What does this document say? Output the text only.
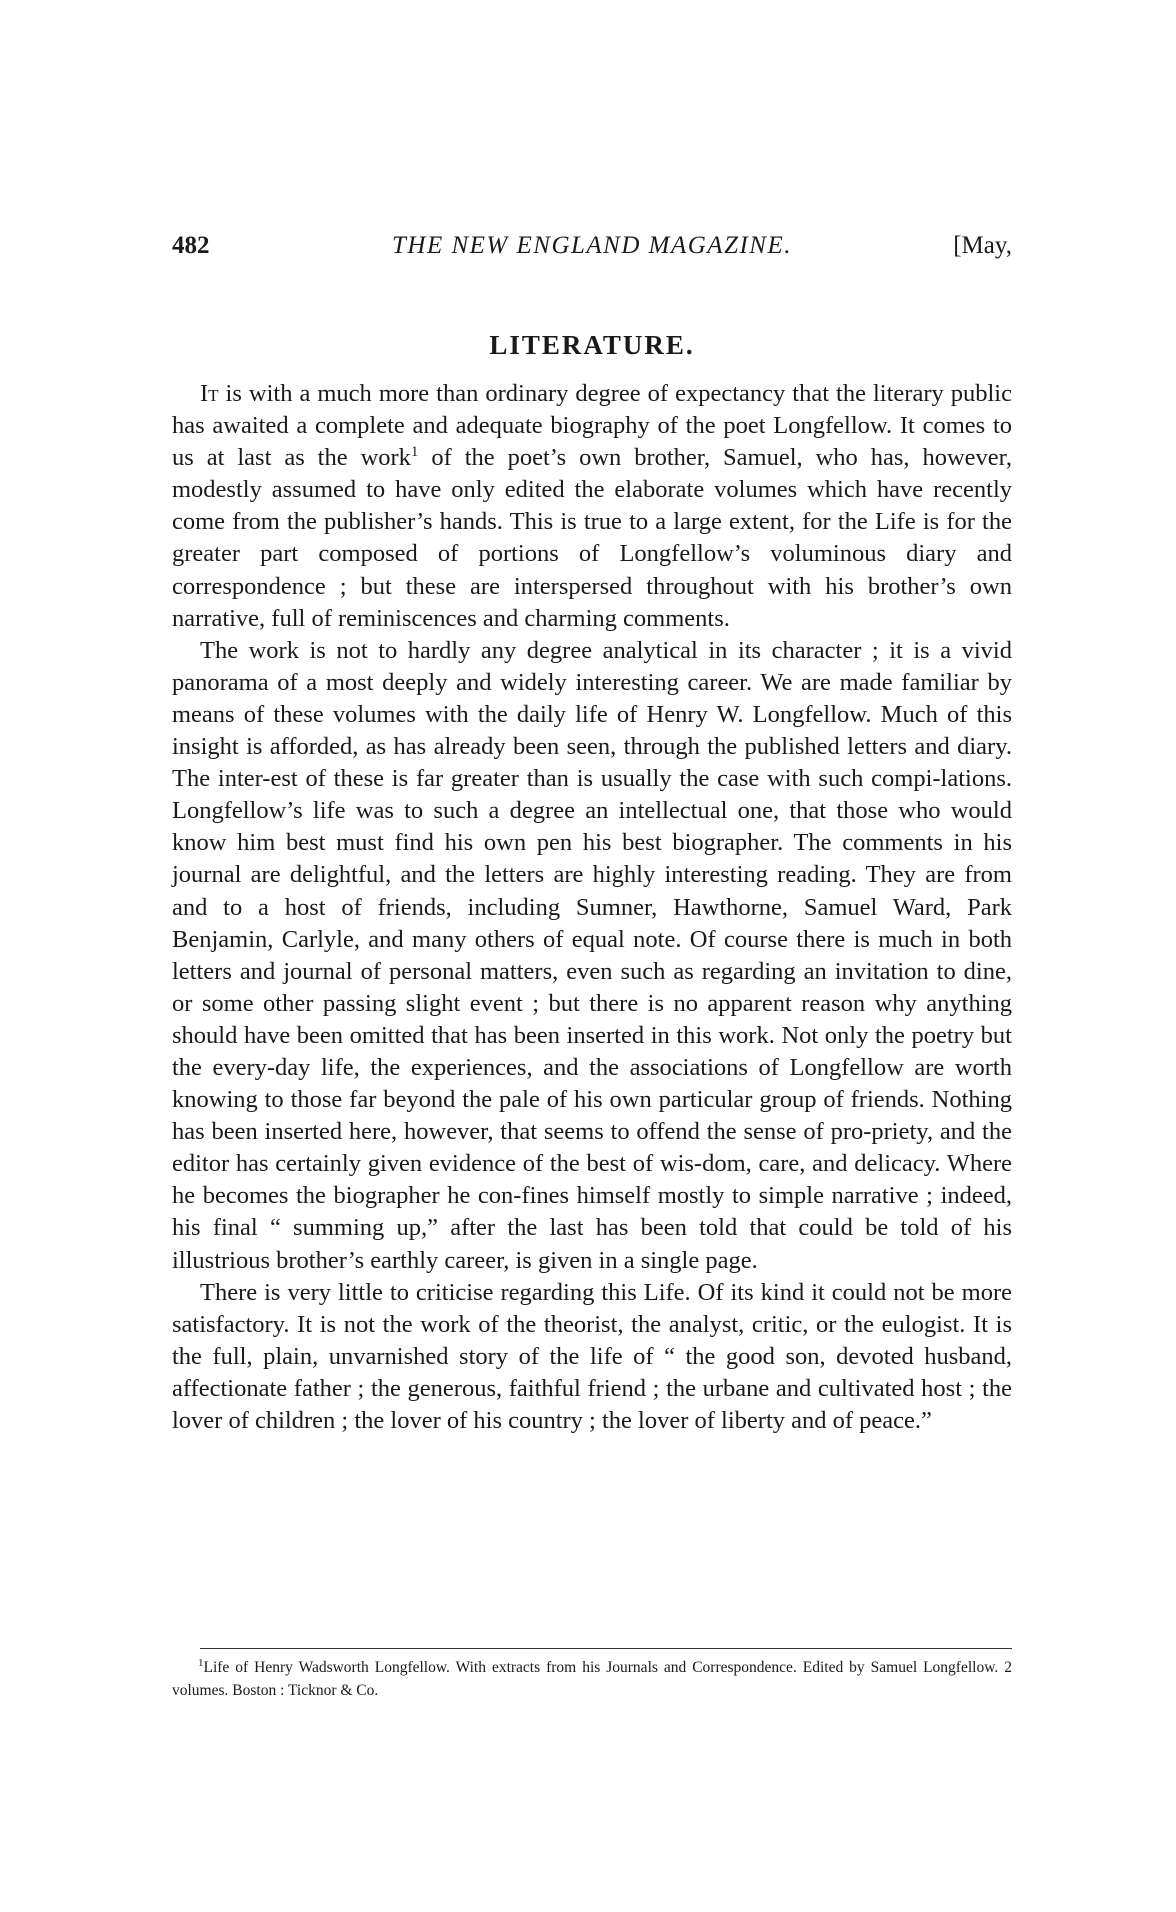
482	THE NEW ENGLAND MAGAZINE.	[May,
LITERATURE.

It is with a much more than ordinary degree of expectancy that the literary public has awaited a complete and adequate biography of the poet Longfellow. It comes to us at last as the work$^1$ of the poet’s own brother, Samuel, who has, however, modestly assumed to have only edited the elaborate volumes which have recently come from the publisher’s hands. This is true to a large extent, for the Life is for the greater part composed of portions of Longfellow’s voluminous diary and correspondence ; but these are interspersed throughout with his brother’s own narrative, full of reminiscences and charming comments.

The work is not to hardly any degree analytical in its character ; it is a vivid panorama of a most deeply and widely interesting career. We are made familiar by means of these volumes with the daily life of Henry W. Longfellow. Much of this insight is afforded, as has already been seen, through the published letters and diary. The inter-est of these is far greater than is usually the case with such compi-lations. Longfellow’s life was to such a degree an intellectual one, that those who would know him best must find his own pen his best biographer. The comments in his journal are delightful, and the letters are highly interesting reading. They are from and to a host of friends, including Sumner, Hawthorne, Samuel Ward, Park Benjamin, Carlyle, and many others of equal note. Of course there is much in both letters and journal of personal matters, even such as regarding an invitation to dine, or some other passing slight event ; but there is no apparent reason why anything should have been omitted that has been inserted in this work. Not only the poetry but the every-day life, the experiences, and the associations of Longfellow are worth knowing to those far beyond the pale of his own particular group of friends. Nothing has been inserted here, however, that seems to offend the sense of pro-priety, and the editor has certainly given evidence of the best of wis-dom, care, and delicacy. Where he becomes the biographer he con-fines himself mostly to simple narrative ; indeed, his final “ summing up,” after the last has been told that could be told of his illustrious brother’s earthly career, is given in a single page.

There is very little to criticise regarding this Life. Of its kind it could not be more satisfactory. It is not the work of the theorist, the analyst, critic, or the eulogist. It is the full, plain, unvarnished story of the life of “ the good son, devoted husband, affectionate father ; the generous, faithful friend ; the urbane and cultivated host ; the lover of children ; the lover of his country ; the lover of liberty and of peace.”

$^1$Life of Henry Wadsworth Longfellow. With extracts from his Journals and Correspondence. Edited by Samuel Longfellow. 2 volumes. Boston : Ticknor & Co.
